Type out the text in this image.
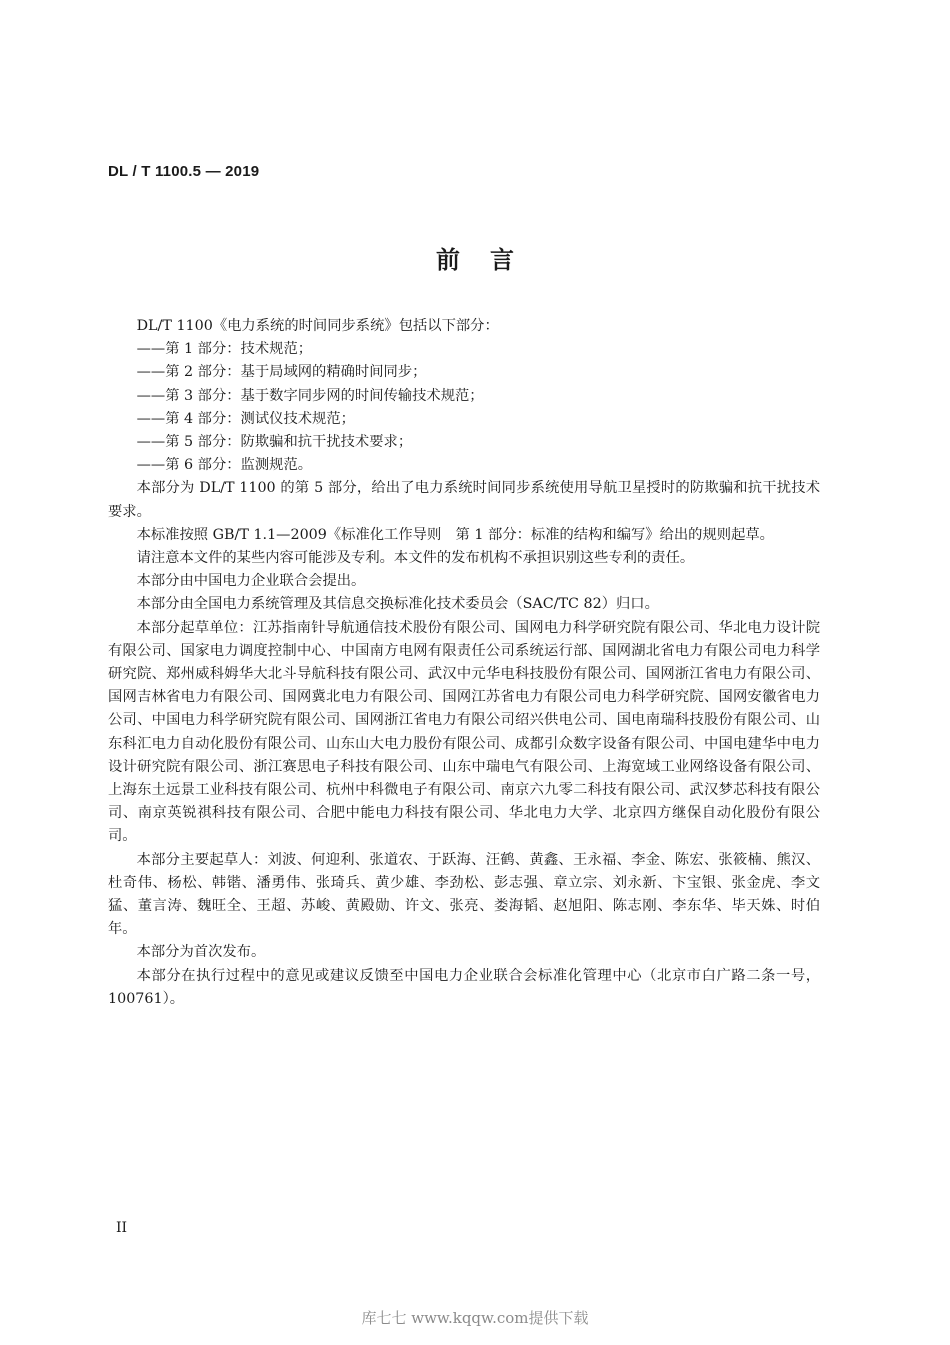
DL / T 1100.5 — 2019
前言

DL/T 1100《电力系统的时间同步系统》包括以下部分：

——第 1 部分：技术规范；

——第 2 部分：基于局域网的精确时间同步；

——第 3 部分：基于数字同步网的时间传输技术规范；

——第 4 部分：测试仪技术规范；

——第 5 部分：防欺骗和抗干扰技术要求；

——第 6 部分：监测规范。

本部分为 DL/T 1100 的第 5 部分，给出了电力系统时间同步系统使用导航卫星授时的防欺骗和抗干扰技术要求。

本标准按照 GB/T 1.1—2009《标准化工作导则　第 1 部分：标准的结构和编写》给出的规则起草。

请注意本文件的某些内容可能涉及专利。本文件的发布机构不承担识别这些专利的责任。

本部分由中国电力企业联合会提出。

本部分由全国电力系统管理及其信息交换标准化技术委员会（SAC/TC 82）归口。

本部分起草单位：江苏指南针导航通信技术股份有限公司、国网电力科学研究院有限公司、华北电力设计院有限公司、国家电力调度控制中心、中国南方电网有限责任公司系统运行部、国网湖北省电力有限公司电力科学研究院、郑州威科姆华大北斗导航科技有限公司、武汉中元华电科技股份有限公司、国网浙江省电力有限公司、国网吉林省电力有限公司、国网冀北电力有限公司、国网江苏省电力有限公司电力科学研究院、国网安徽省电力公司、中国电力科学研究院有限公司、国网浙江省电力有限公司绍兴供电公司、国电南瑞科技股份有限公司、山东科汇电力自动化股份有限公司、山东山大电力股份有限公司、成都引众数字设备有限公司、中国电建华中电力设计研究院有限公司、浙江赛思电子科技有限公司、山东中瑞电气有限公司、上海宽域工业网络设备有限公司、上海东土远景工业科技有限公司、杭州中科微电子有限公司、南京六九零二科技有限公司、武汉梦芯科技有限公司、南京英锐祺科技有限公司、合肥中能电力科技有限公司、华北电力大学、北京四方继保自动化股份有限公司。

本部分主要起草人：刘波、何迎利、张道农、于跃海、汪鹤、黄鑫、王永福、李金、陈宏、张筱楠、熊汉、杜奇伟、杨松、韩锴、潘勇伟、张琦兵、黄少雄、李劲松、彭志强、章立宗、刘永新、卞宝银、张金虎、李文猛、董言涛、魏旺全、王超、苏峻、黄殿勋、许文、张亮、娄海韬、赵旭阳、陈志刚、李东华、毕天姝、时伯年。

本部分为首次发布。

本部分在执行过程中的意见或建议反馈至中国电力企业联合会标准化管理中心（北京市白广路二条一号，100761）。

II
库七七 www.kqqw.com提供下载
